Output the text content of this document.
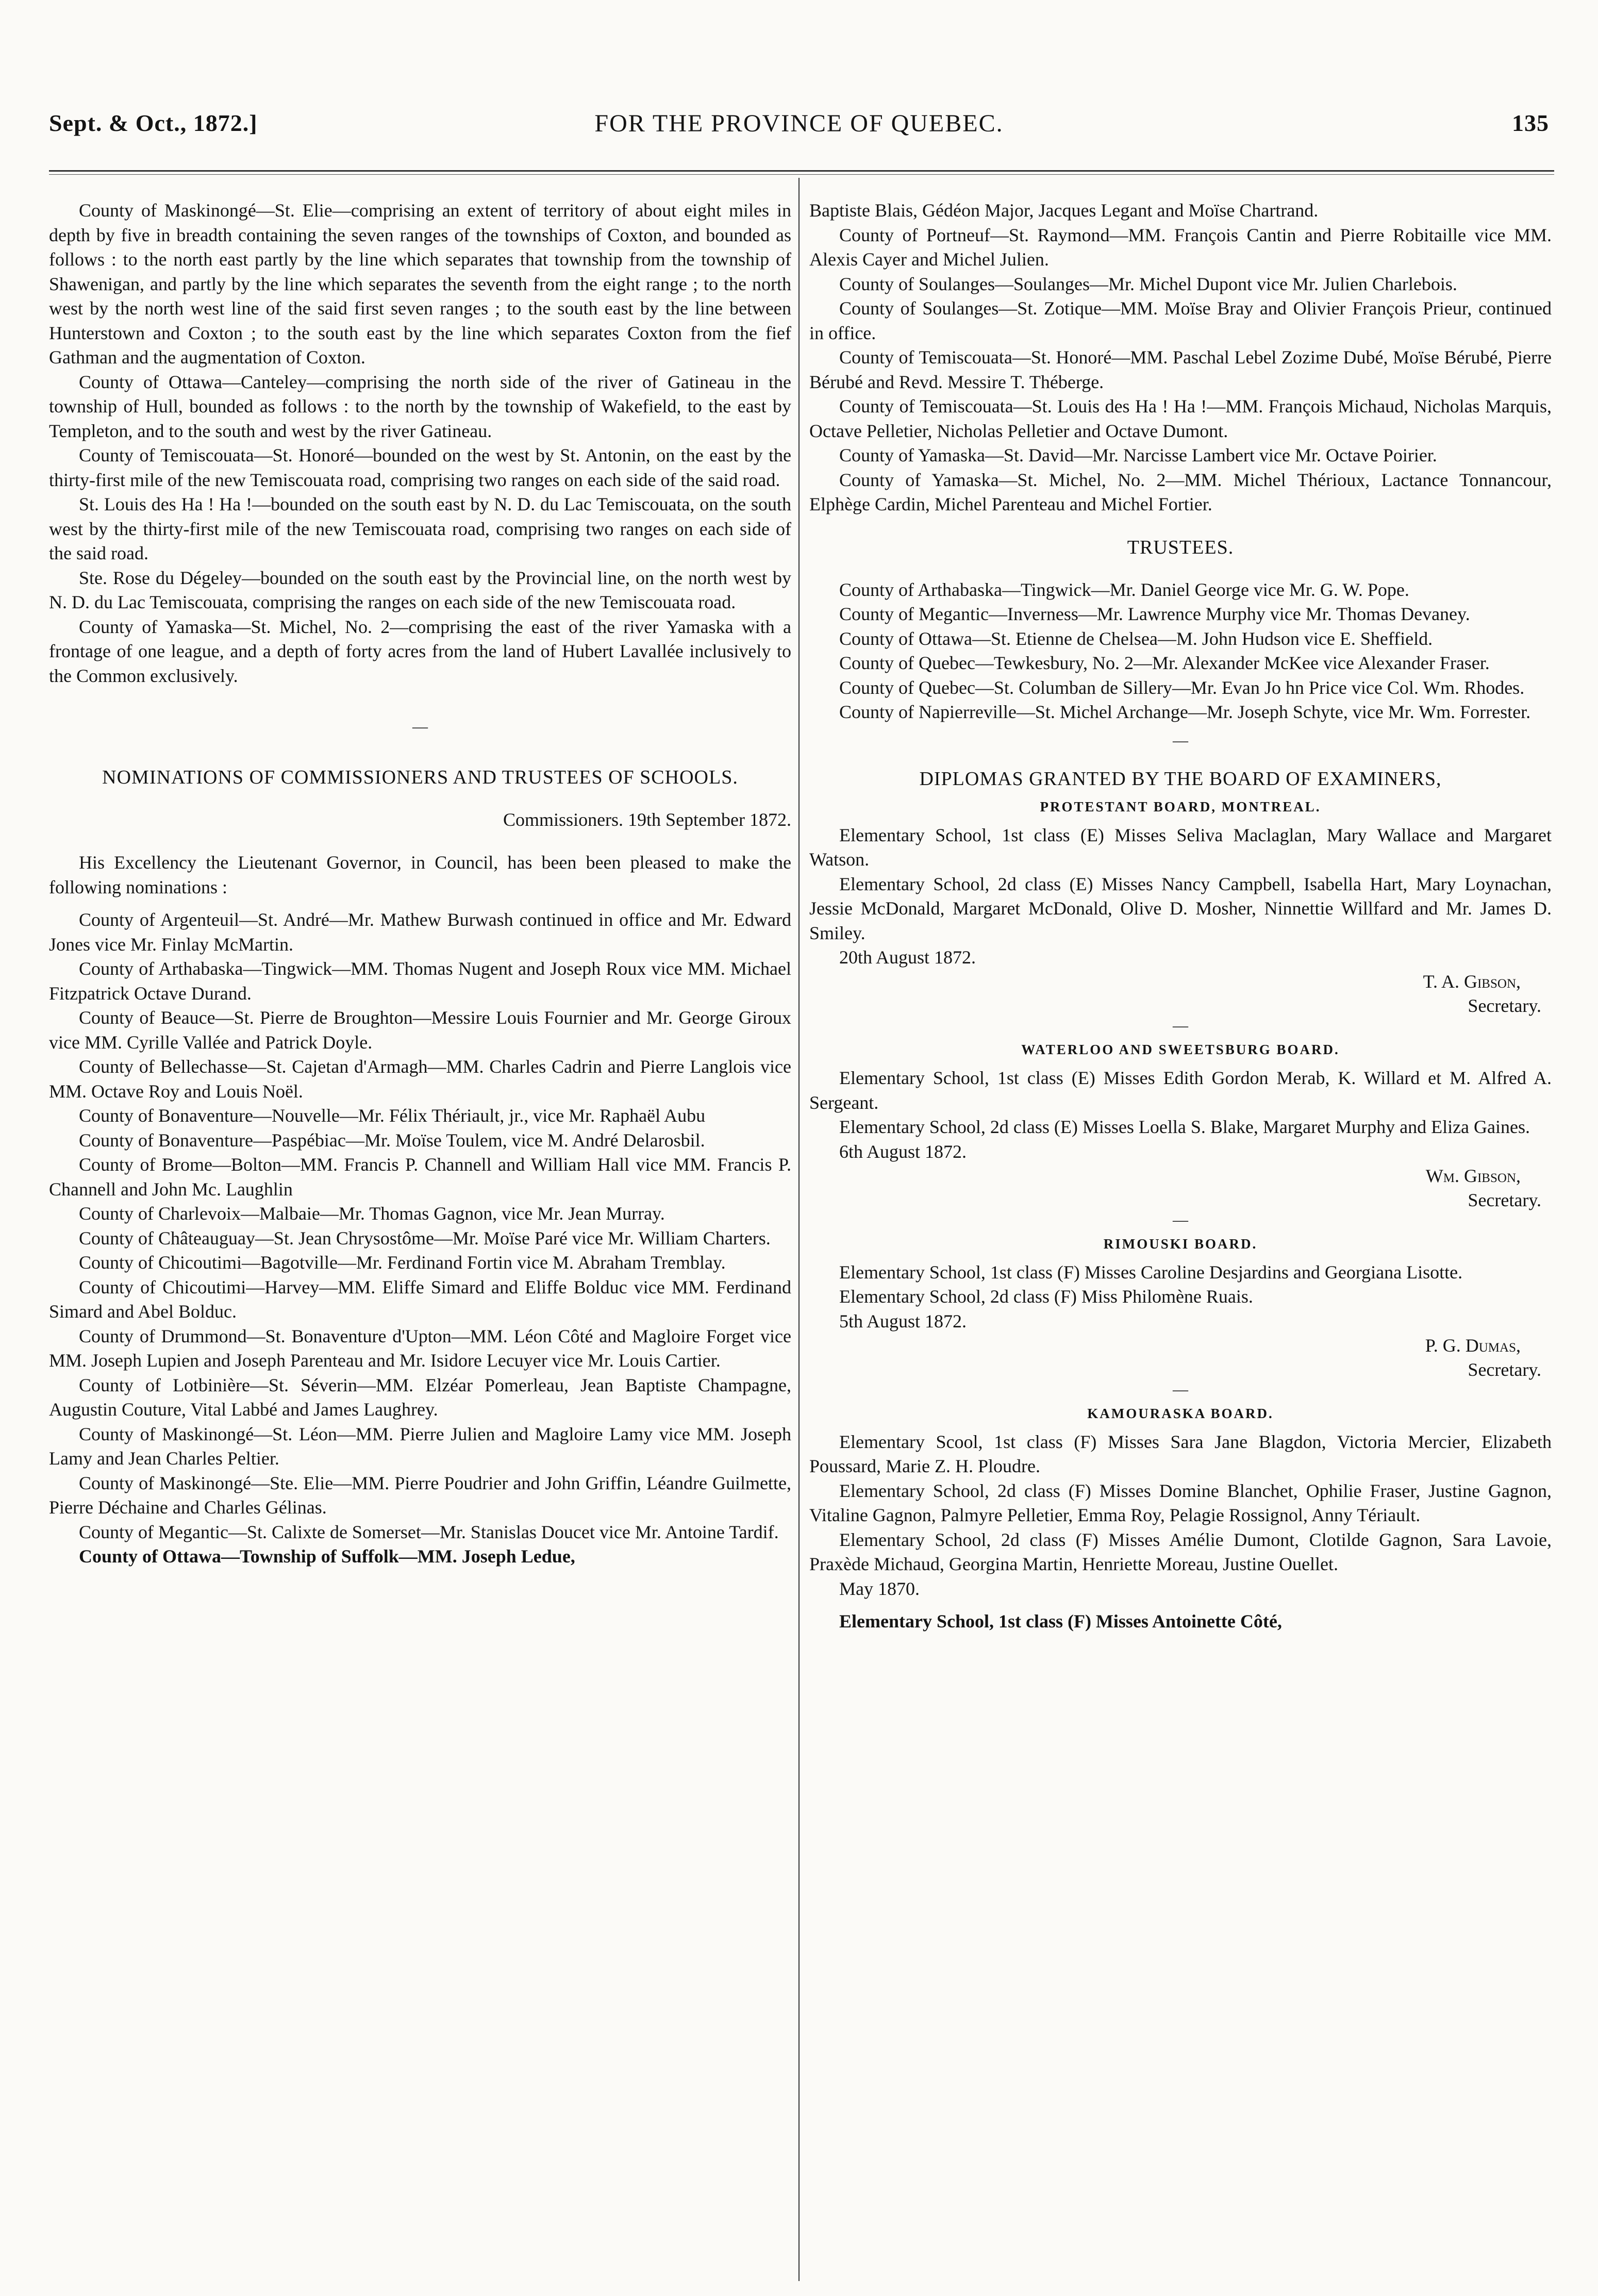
Sept. & Oct., 1872.]	FOR THE PROVINCE OF QUEBEC.	135

County of Maskinongé—St. Elie—comprising an extent of territory of about eight miles in depth by five in breadth containing the seven ranges of the townships of Coxton, and bounded as follows : to the north east partly by the line which separates that township from the township of Shawenigan, and partly by the line which separates the seventh from the eight range ; to the north west by the north west line of the said first seven ranges ; to the south east by the line between Hunterstown and Coxton ; to the south east by the line which separates Coxton from the fief Gathman and the augmentation of Coxton.

County of Ottawa—Canteley—comprising the north side of the river of Gatineau in the township of Hull, bounded as follows : to the north by the township of Wakefield, to the east by Templeton, and to the south and west by the river Gatineau.

County of Temiscouata—St. Honoré—bounded on the west by St. Antonin, on the east by the thirty-first mile of the new Temiscouata road, comprising two ranges on each side of the said road.

St. Louis des Ha ! Ha !—bounded on the south east by N. D. du Lac Temiscouata, on the south west by the thirty-first mile of the new Temiscouata road, comprising two ranges on each side of the said road.

Ste. Rose du Dégeley—bounded on the south east by the Provincial line, on the north west by N. D. du Lac Temiscouata, comprising the ranges on each side of the new Temiscouata road.

County of Yamaska—St. Michel, No. 2—comprising the east of the river Yamaska with a frontage of one league, and a depth of forty acres from the land of Hubert Lavallée inclusively to the Common exclusively.

—

NOMINATIONS OF COMMISSIONERS AND TRUSTEES OF SCHOOLS.

Commissioners. 19th September 1872.

His Excellency the Lieutenant Governor, in Council, has been been pleased to make the following nominations :

County of Argenteuil—St. André—Mr. Mathew Burwash continued in office and Mr. Edward Jones vice Mr. Finlay McMartin.

County of Arthabaska—Tingwick—MM. Thomas Nugent and Joseph Roux vice MM. Michael Fitzpatrick Octave Durand.

County of Beauce—St. Pierre de Broughton—Messire Louis Fournier and Mr. George Giroux vice MM. Cyrille Vallée and Patrick Doyle.

County of Bellechasse—St. Cajetan d'Armagh—MM. Charles Cadrin and Pierre Langlois vice MM. Octave Roy and Louis Noël.

County of Bonaventure—Nouvelle—Mr. Félix Thériault, jr., vice Mr. Raphaël Aubu

County of Bonaventure—Paspébiac—Mr. Moïse Toulem, vice M. André Delarosbil.

County of Brome—Bolton—MM. Francis P. Channell and William Hall vice MM. Francis P. Channell and John Mc. Laughlin

County of Charlevoix—Malbaie—Mr. Thomas Gagnon, vice Mr. Jean Murray.

County of Châteauguay—St. Jean Chrysostôme—Mr. Moïse Paré vice Mr. William Charters.

County of Chicoutimi—Bagotville—Mr. Ferdinand Fortin vice M. Abraham Tremblay.

County of Chicoutimi—Harvey—MM. Eliffe Simard and Eliffe Bolduc vice MM. Ferdinand Simard and Abel Bolduc.

County of Drummond—St. Bonaventure d'Upton—MM. Léon Côté and Magloire Forget vice MM. Joseph Lupien and Joseph Parenteau and Mr. Isidore Lecuyer vice Mr. Louis Cartier.

County of Lotbinière—St. Séverin—MM. Elzéar Pomerleau, Jean Baptiste Champagne, Augustin Couture, Vital Labbé and James Laughrey.

County of Maskinongé—St. Léon—MM. Pierre Julien and Magloire Lamy vice MM. Joseph Lamy and Jean Charles Peltier.

County of Maskinongé—Ste. Elie—MM. Pierre Poudrier and John Griffin, Léandre Guilmette, Pierre Déchaine and Charles Gélinas.

County of Megantic—St. Calixte de Somerset—Mr. Stanislas Doucet vice Mr. Antoine Tardif.

County of Ottawa—Township of Suffolk—MM. Joseph Ledue,

Baptiste Blais, Gédéon Major, Jacques Legant and Moïse Chartrand.

County of Portneuf—St. Raymond—MM. François Cantin and Pierre Robitaille vice MM. Alexis Cayer and Michel Julien.

County of Soulanges—Soulanges—Mr. Michel Dupont vice Mr. Julien Charlebois.

County of Soulanges—St. Zotique—MM. Moïse Bray and Olivier François Prieur, continued in office.

County of Temiscouata—St. Honoré—MM. Paschal Lebel Zozime Dubé, Moïse Bérubé, Pierre Bérubé and Revd. Messire T. Théberge.

County of Temiscouata—St. Louis des Ha ! Ha !—MM. François Michaud, Nicholas Marquis, Octave Pelletier, Nicholas Pelletier and Octave Dumont.

County of Yamaska—St. David—Mr. Narcisse Lambert vice Mr. Octave Poirier.

County of Yamaska—St. Michel, No. 2—MM. Michel Thérioux, Lactance Tonnancour, Elphège Cardin, Michel Parenteau and Michel Fortier.

TRUSTEES.

County of Arthabaska—Tingwick—Mr. Daniel George vice Mr. G. W. Pope.

County of Megantic—Inverness—Mr. Lawrence Murphy vice Mr. Thomas Devaney.

County of Ottawa—St. Etienne de Chelsea—M. John Hudson vice E. Sheffield.

County of Quebec—Tewkesbury, No. 2—Mr. Alexander McKee vice Alexander Fraser.

County of Quebec—St. Columban de Sillery—Mr. Evan Jo hn Price vice Col. Wm. Rhodes.

County of Napierreville—St. Michel Archange—Mr. Joseph Schyte, vice Mr. Wm. Forrester.

—

DIPLOMAS GRANTED BY THE BOARD OF EXAMINERS,

PROTESTANT BOARD, MONTREAL.

Elementary School, 1st class (E) Misses Seliva Maclaglan, Mary Wallace and Margaret Watson.

Elementary School, 2d class (E) Misses Nancy Campbell, Isabella Hart, Mary Loynachan, Jessie McDonald, Margaret McDonald, Olive D. Mosher, Ninnettie Willfard and Mr. James D. Smiley.

20th August 1872.

T. A. Gibson,

Secretary.

—

WATERLOO AND SWEETSBURG BOARD.

Elementary School, 1st class (E) Misses Edith Gordon Merab, K. Willard et M. Alfred A. Sergeant.

Elementary School, 2d class (E) Misses Loella S. Blake, Margaret Murphy and Eliza Gaines.

6th August 1872.

Wm. Gibson,

Secretary.

—

RIMOUSKI BOARD.

Elementary School, 1st class (F) Misses Caroline Desjardins and Georgiana Lisotte.

Elementary School, 2d class (F) Miss Philomène Ruais.

5th August 1872.

P. G. Dumas,

Secretary.

—

KAMOURASKA BOARD.

Elementary Scool, 1st class (F) Misses Sara Jane Blagdon, Victoria Mercier, Elizabeth Poussard, Marie Z. H. Ploudre.

Elementary School, 2d class (F) Misses Domine Blanchet, Ophilie Fraser, Justine Gagnon, Vitaline Gagnon, Palmyre Pelletier, Emma Roy, Pelagie Rossignol, Anny Tériault.

Elementary School, 2d class (F) Misses Amélie Dumont, Clotilde Gagnon, Sara Lavoie, Praxède Michaud, Georgina Martin, Henriette Moreau, Justine Ouellet.

May 1870.

Elementary School, 1st class (F) Misses Antoinette Côté,
